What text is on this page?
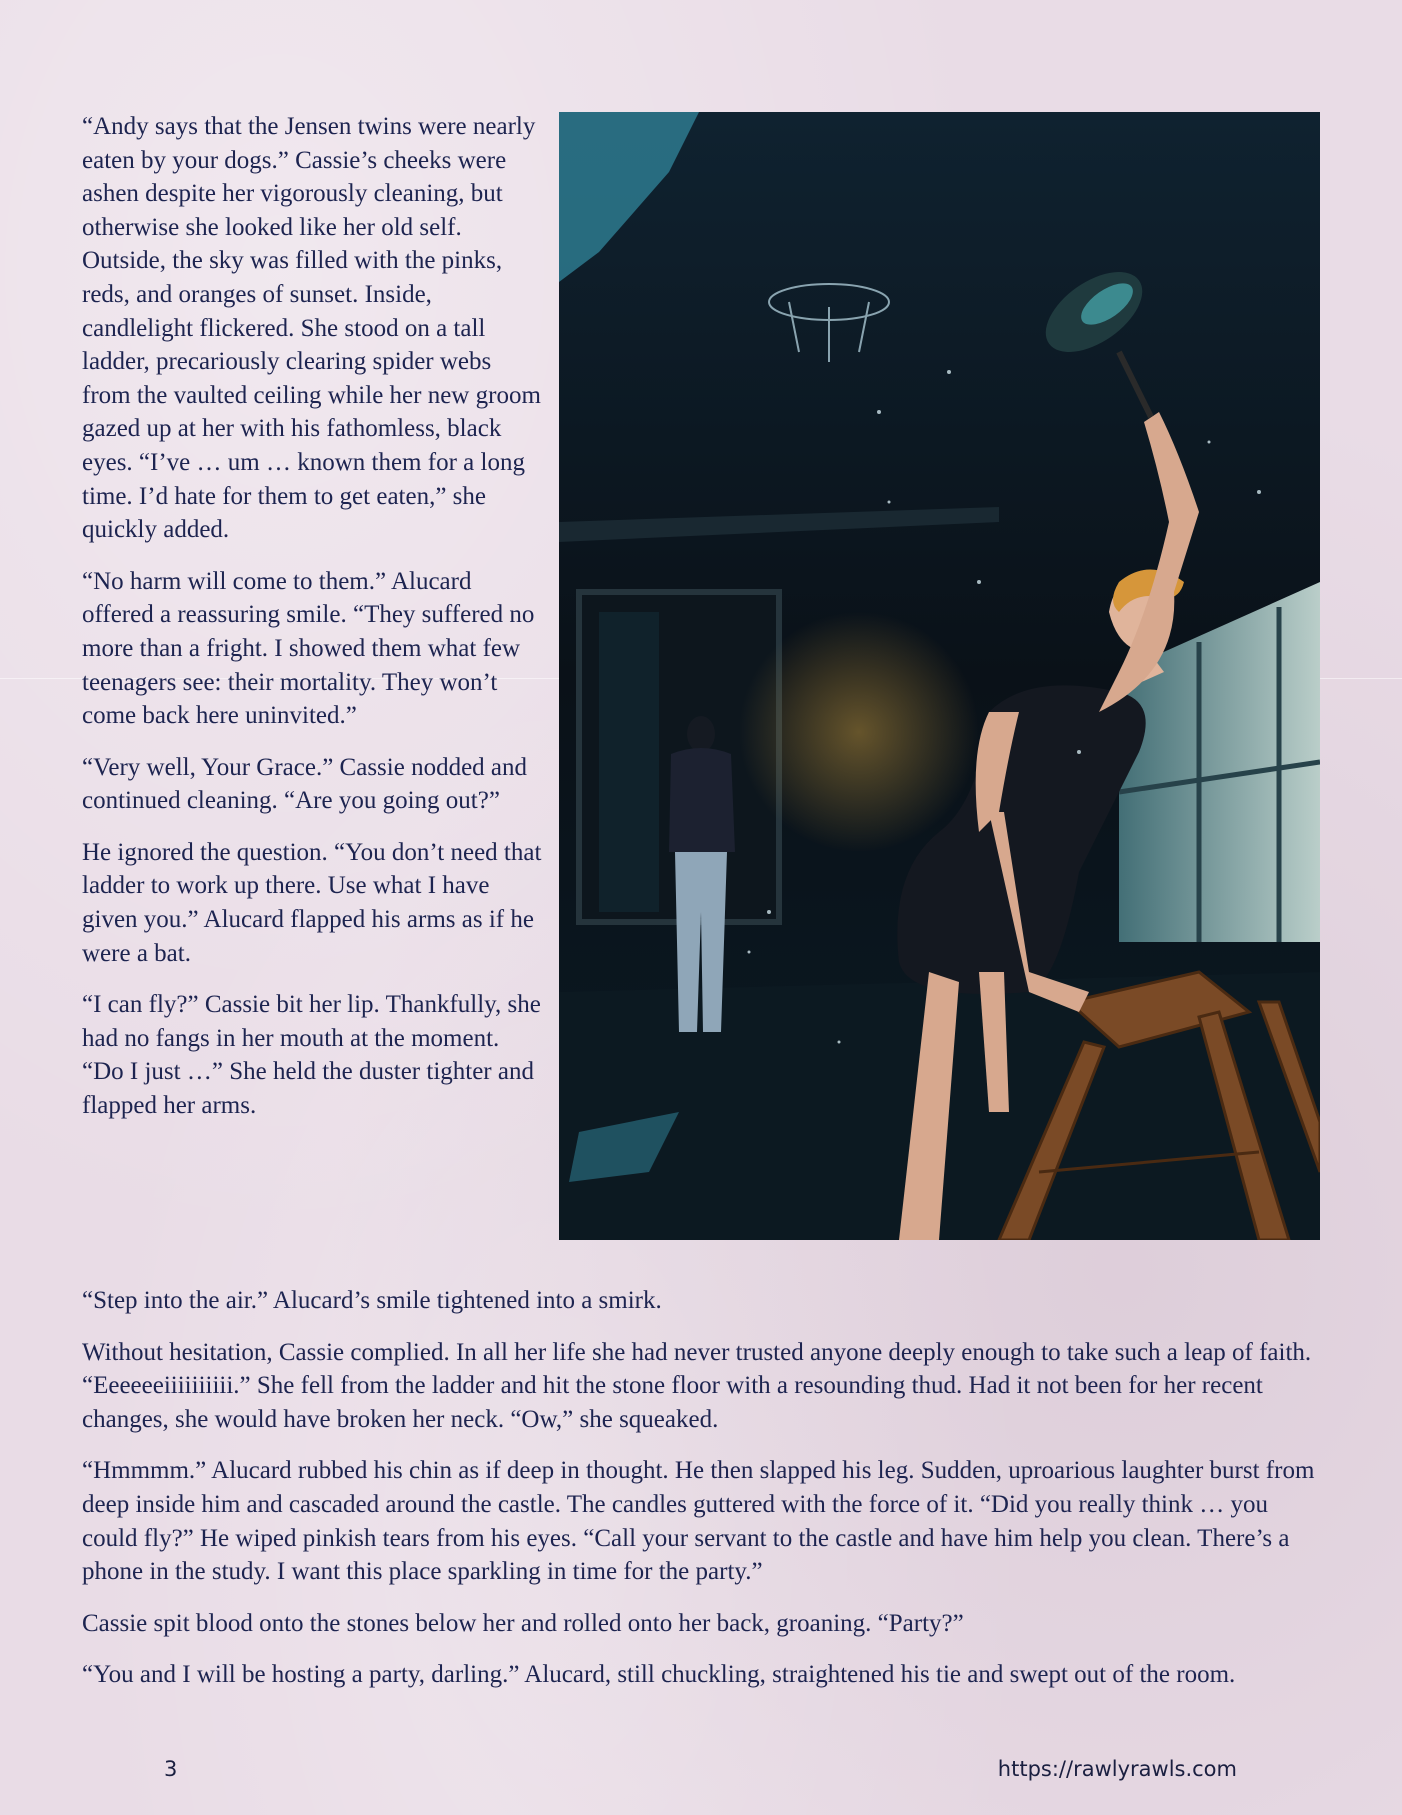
“Andy says that the Jensen twins were nearly eaten by your dogs.” Cassie’s cheeks were ashen despite her vigorously cleaning, but otherwise she looked like her old self. Outside, the sky was filled with the pinks, reds, and oranges of sunset. Inside, candlelight flickered. She stood on a tall ladder, precariously clearing spider webs from the vaulted ceiling while her new groom gazed up at her with his fathomless, black eyes. “I’ve … um … known them for a long time. I’d hate for them to get eaten,” she quickly added.

“No harm will come to them.” Alucard offered a reassuring smile. “They suffered no more than a fright. I showed them what few teenagers see: their mortality. They won’t come back here uninvited.”

“Very well, Your Grace.” Cassie nodded and continued cleaning. “Are you going out?”

He ignored the question. “You don’t need that ladder to work up there. Use what I have given you.” Alucard flapped his arms as if he were a bat.

“I can fly?” Cassie bit her lip. Thankfully, she had no fangs in her mouth at the moment. “Do I just …” She held the duster tighter and flapped her arms.

“Step into the air.” Alucard’s smile tightened into a smirk.

Without hesitation, Cassie complied. In all her life she had never trusted anyone deeply enough to take such a leap of faith. “Eeeeeeiiiiiiiiii.” She fell from the ladder and hit the stone floor with a resounding thud. Had it not been for her recent changes, she would have broken her neck. “Ow,” she squeaked.

“Hmmmm.” Alucard rubbed his chin as if deep in thought. He then slapped his leg. Sudden, uproarious laughter burst from deep inside him and cascaded around the castle. The candles guttered with the force of it. “Did you really think … you could fly?” He wiped pinkish tears from his eyes. “Call your servant to the castle and have him help you clean. There’s a phone in the study. I want this place sparkling in time for the party.”

Cassie spit blood onto the stones below her and rolled onto her back, groaning. “Party?”

“You and I will be hosting a party, darling.” Alucard, still chuckling, straightened his tie and swept out of the room.

3	https://rawlyrawls.com
